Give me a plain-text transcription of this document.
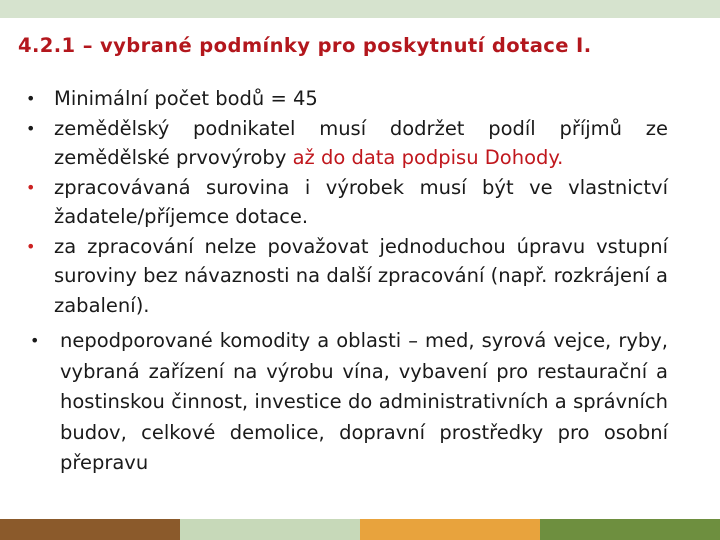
4.2.1 – vybrané podmínky pro poskytnutí dotace I.
• Minimální počet bodů = 45
• zemědělský podnikatel musí dodržet podíl příjmů ze zemědělské prvovýroby až do data podpisu Dohody.
• zpracovávaná surovina i výrobek musí být ve vlastnictví žadatele/příjemce dotace.
• za zpracování nelze považovat jednoduchou úpravu vstupní suroviny bez návaznosti na další zpracování (např. rozkrájení a zabalení).
•	nepodporované komodity a oblasti – med, syrová vejce, ryby, vybraná zařízení na výrobu vína, vybavení pro restaurační a hostinskou činnost, investice do administrativních a správních budov, celkové demolice, dopravní prostředky pro osobní přepravu
